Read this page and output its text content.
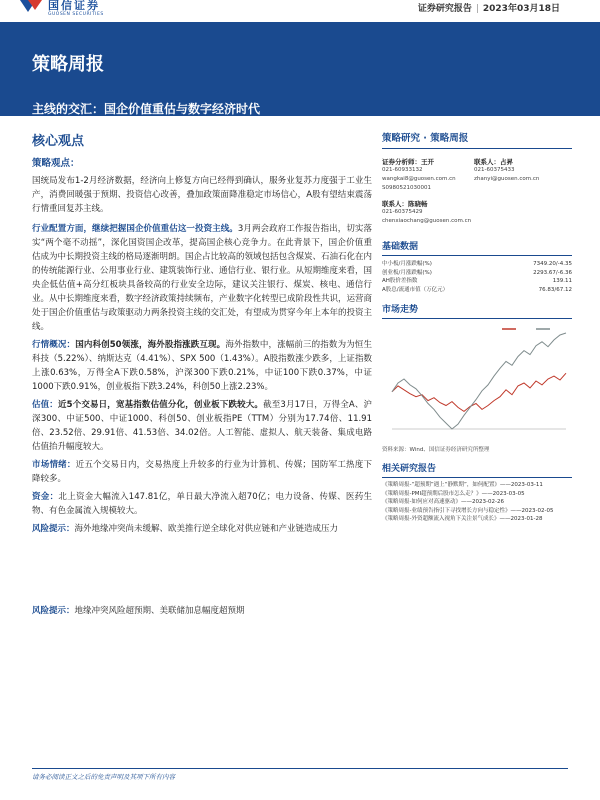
国信证券
GUOSEN SECURITIES
证券研究报告 | 2023年03月18日
策略周报
主线的交汇：国企价值重估与数字经济时代
核心观点
策略观点：

国统局发布1-2月经济数据，经济向上修复方向已经得到确认，服务业复苏力度强于工业生产，消费回暖强于预期、投资信心改善，叠加政策面降准稳定市场信心，A股有望结束震荡行情重回复苏主线。

行业配置方面，继续把握国企价值重估这一投资主线。3月两会政府工作报告指出，切实落实“两个毫不动摇”，深化国资国企改革，提高国企核心竞争力。在此背景下，国企价值重估成为中长期投资主线的格局逐渐明朗。国企占比较高的领域包括包含煤炭、石油石化在内的传统能源行业、公用事业行业、建筑装饰行业、通信行业、银行业。从短期维度来看，国央企低估值+高分红板块具备较高的行业安全边际，建议关注银行、煤炭、核电、通信行业。从中长期维度来看，数字经济政策持续频布，产业数字化转型已成阶段性共识，运营商处于国企价值重估与政策驱动力两条投资主线的交汇处，有望成为贯穿今年上本年的投资主线。

行情概况：国内科创50领涨，海外股指涨跌互现。海外指数中，涨幅前三的指数为为恒生科技（5.22%）、纳斯达克（4.41%）、SPX 500（1.43%）。A股指数涨少跌多，上证指数上涨0.63%，万得全A下跌0.58%，沪深300下跌0.21%，中证100下跌0.37%，中证1000下跌0.91%，创业板指下跌3.24%，科创50上涨2.23%。

估值：近5个交易日，宽基指数估值分化，创业板下跌较大。截至3月17日，万得全A、沪深300、中证500、中证1000、科创50、创业板指PE（TTM）分别为17.74倍、11.91倍、23.52倍、29.91倍、41.53倍、34.02倍。人工智能、虚拟人、航天装备、集成电路估值抬升幅度较大。

市场情绪：近五个交易日内，交易热度上升较多的行业为计算机、传媒；国防军工热度下降较多。

资金：北上资金大幅流入147.81亿，单日最大净流入超70亿；电力设备、传媒、医药生物、有色金属流入规模较大。

风险提示：海外地缘冲突尚未缓解、欧美推行逆全球化对供应链和产业链造成压力

风险提示：地缘冲突风险超预期、美联储加息幅度超预期
策略研究 · 策略周报
证券分析师：王开
021-60933132
wangkai8@guosen.com.cn
S0980521030001
联系人：占昇
021-60375433
zhanyi@guosen.com.cn
联系人：陈晓畅
021-60375429
chenxiaochang@guosen.com.cn
基础数据
中小板/月涨跌幅(%)	7349.20/-4.35
创业板/月涨跌幅(%)	2293.67/-6.36
AH股价差指数	139.11
A股总/流通市值（万亿元）	76.83/67.12
市场走势
资料来源：Wind、国信证券经济研究所整理
相关研究报告
《策略周报-“超预期”遇上“静默期”，如何配置》——2023-03-11
《策略周报-PMI超预期后股市怎么走？》——2023-03-05
《策略周报-如何应对高速驱动》——2023-02-26
《策略周报-业绩预告指引下寻找增长方向与稳定性》——2023-02-05
《策略周报-外资超额流入视角下关注景气成长》——2023-01-28
请务必阅读正文之后的免责声明及其项下所有内容
